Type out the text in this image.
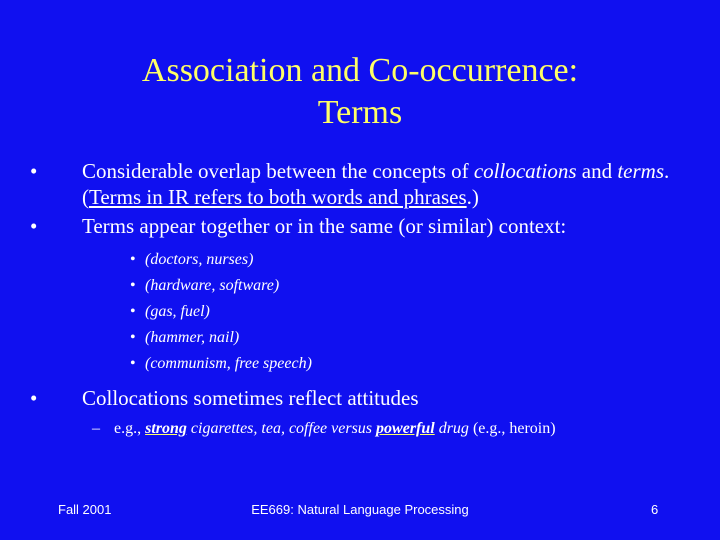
Association and Co-occurrence:
Terms

• Considerable overlap between the concepts of collocations and terms. (Terms in IR refers to both words and phrases.)

• Terms appear together or in the same (or similar) context:

• (doctors, nurses)
• (hardware, software)
• (gas, fuel)
• (hammer, nail)
• (communism, free speech)

• Collocations sometimes reflect attitudes

– e.g., strong cigarettes, tea, coffee versus powerful drug (e.g., heroin)
Fall 2001	EE669: Natural Language Processing	6
